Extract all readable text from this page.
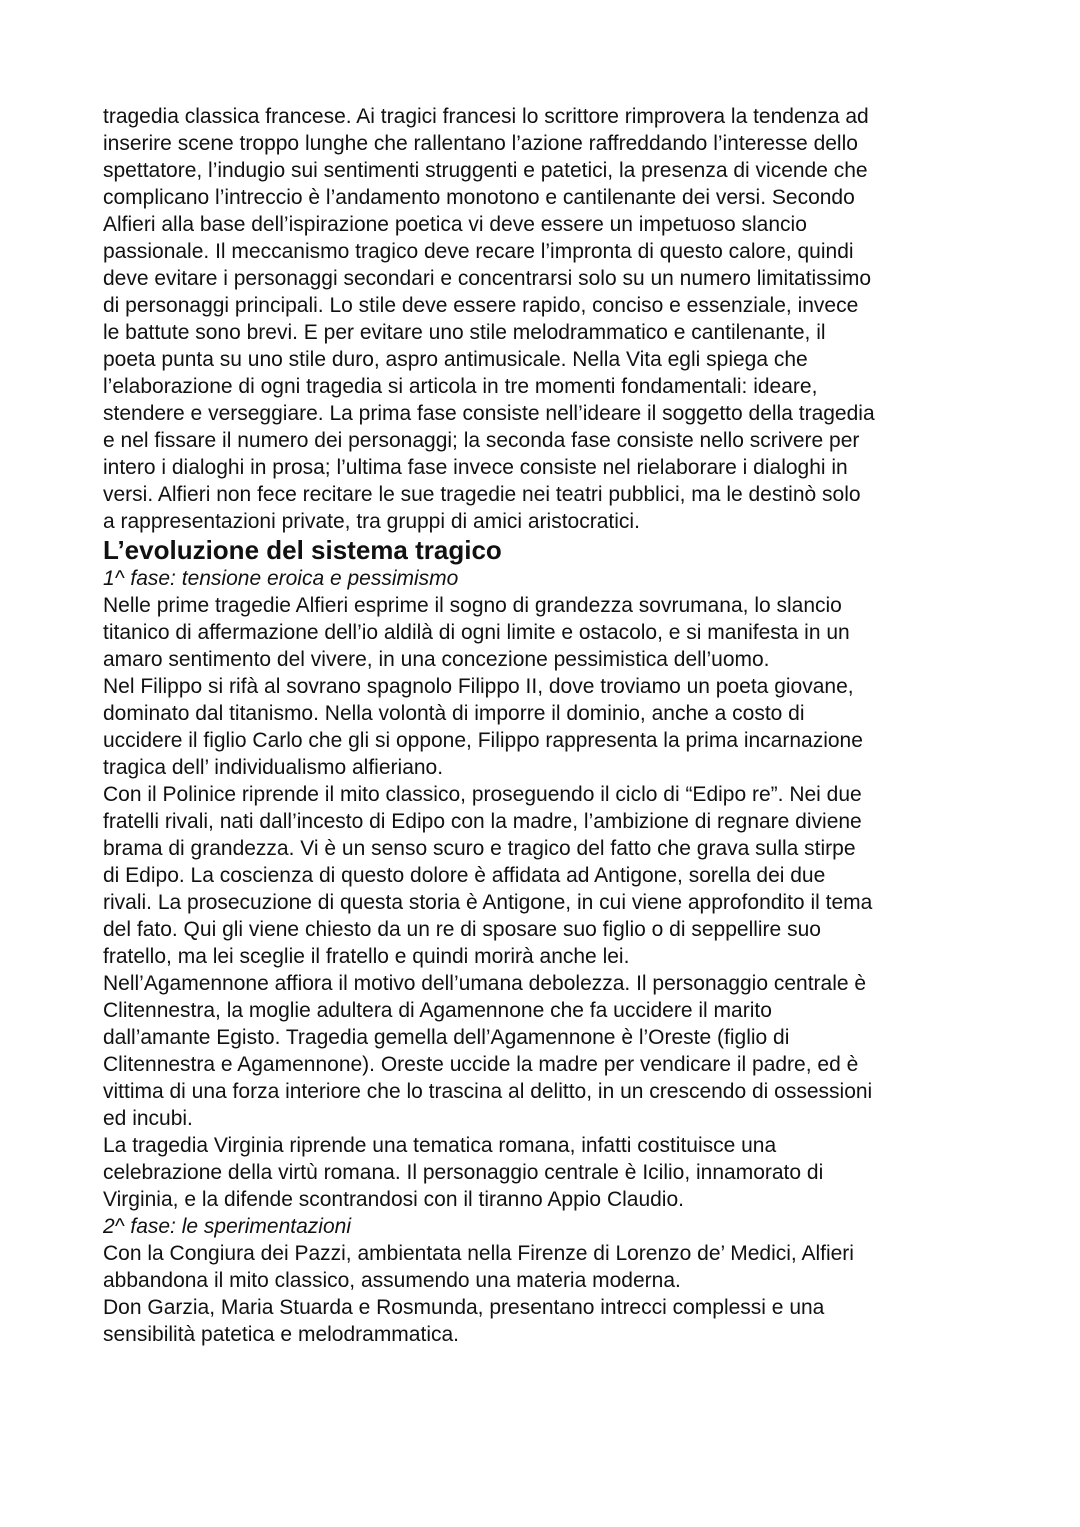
tragedia classica francese. Ai tragici francesi lo scrittore rimprovera la tendenza ad
inserire scene troppo lunghe che rallentano l’azione raffreddando l’interesse dello
spettatore, l’indugio sui sentimenti struggenti e patetici, la presenza di vicende che
complicano l’intreccio è l’andamento monotono e cantilenante dei versi. Secondo
Alfieri alla base dell’ispirazione poetica vi deve essere un impetuoso slancio
passionale. Il meccanismo tragico deve recare l’impronta di questo calore, quindi
deve evitare i personaggi secondari e concentrarsi solo su un numero limitatissimo
di personaggi principali. Lo stile deve essere rapido, conciso e essenziale, invece
le battute sono brevi. E per evitare uno stile melodrammatico e cantilenante, il
poeta punta su uno stile duro, aspro antimusicale. Nella Vita egli spiega che
l’elaborazione di ogni tragedia si articola in tre momenti fondamentali: ideare,
stendere e verseggiare. La prima fase consiste nell’ideare il soggetto della tragedia
e nel fissare il numero dei personaggi; la seconda fase consiste nello scrivere per
intero i dialoghi in prosa; l’ultima fase invece consiste nel rielaborare i dialoghi in
versi. Alfieri non fece recitare le sue tragedie nei teatri pubblici, ma le destinò solo
a rappresentazioni private, tra gruppi di amici aristocratici.
L’evoluzione del sistema tragico
1^ fase: tensione eroica e pessimismo
Nelle prime tragedie Alfieri esprime il sogno di grandezza sovrumana, lo slancio
titanico di affermazione dell’io aldilà di ogni limite e ostacolo, e si manifesta in un
amaro sentimento del vivere, in una concezione pessimistica dell’uomo.
Nel Filippo si rifà al sovrano spagnolo Filippo II, dove troviamo un poeta giovane,
dominato dal titanismo. Nella volontà di imporre il dominio, anche a costo di
uccidere il figlio Carlo che gli si oppone, Filippo rappresenta la prima incarnazione
tragica dell’ individualismo alfieriano.
Con il Polinice riprende il mito classico, proseguendo il ciclo di “Edipo re”. Nei due
fratelli rivali, nati dall’incesto di Edipo con la madre, l’ambizione di regnare diviene
brama di grandezza. Vi è un senso scuro e tragico del fatto che grava sulla stirpe
di Edipo. La coscienza di questo dolore è affidata ad Antigone, sorella dei due
rivali. La prosecuzione di questa storia è Antigone, in cui viene approfondito il tema
del fato. Qui gli viene chiesto da un re di sposare suo figlio o di seppellire suo
fratello, ma lei sceglie il fratello e quindi morirà anche lei.
Nell’Agamennone affiora il motivo dell’umana debolezza. Il personaggio centrale è
Clitennestra, la moglie adultera di Agamennone che fa uccidere il marito
dall’amante Egisto. Tragedia gemella dell’Agamennone è l’Oreste (figlio di
Clitennestra e Agamennone). Oreste uccide la madre per vendicare il padre, ed è
vittima di una forza interiore che lo trascina al delitto, in un crescendo di ossessioni
ed incubi.
La tragedia Virginia riprende una tematica romana, infatti costituisce una
celebrazione della virtù romana. Il personaggio centrale è Icilio, innamorato di
Virginia, e la difende scontrandosi con il tiranno Appio Claudio.
2^ fase: le sperimentazioni
Con la Congiura dei Pazzi, ambientata nella Firenze di Lorenzo de’ Medici, Alfieri
abbandona il mito classico, assumendo una materia moderna.
Don Garzia, Maria Stuarda e Rosmunda, presentano intrecci complessi e una
sensibilità patetica e melodrammatica.
